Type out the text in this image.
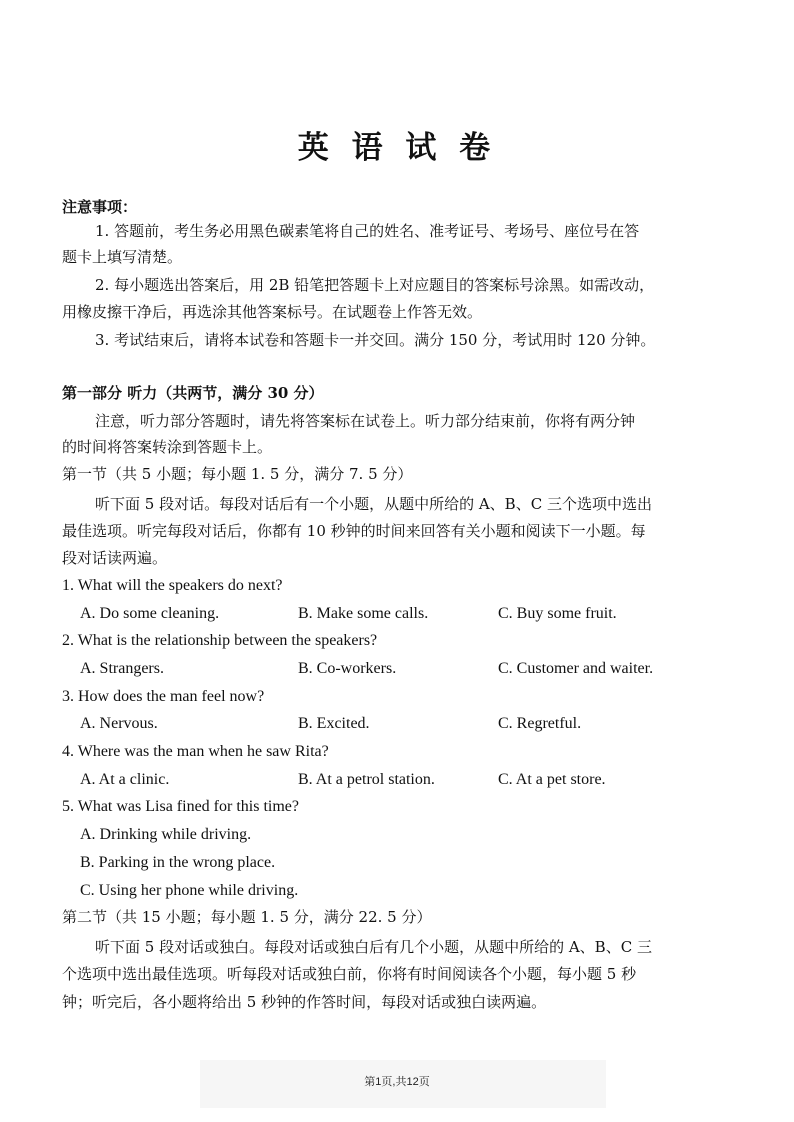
英 语 试 卷
注意事项：
1. 答题前，考生务必用黑色碳素笔将自己的姓名、准考证号、考场号、座位号在答
题卡上填写清楚。
2. 每小题选出答案后，用 2B 铅笔把答题卡上对应题目的答案标号涂黑。如需改动，
用橡皮擦干净后，再选涂其他答案标号。在试题卷上作答无效。
3. 考试结束后，请将本试卷和答题卡一并交回。满分 150 分，考试用时 120 分钟。
第一部分 听力（共两节，满分 30 分）
注意，听力部分答题时，请先将答案标在试卷上。听力部分结束前，你将有两分钟
的时间将答案转涂到答题卡上。
第一节（共 5 小题；每小题 1. 5 分，满分 7. 5 分）
听下面 5 段对话。每段对话后有一个小题，从题中所给的 A、B、C 三个选项中选出
最佳选项。听完每段对话后，你都有 10 秒钟的时间来回答有关小题和阅读下一小题。每
段对话读两遍。
1. What will the speakers do next?
A. Do some cleaning.	B. Make some calls.	C. Buy some fruit.
2. What is the relationship between the speakers?
A. Strangers.	B. Co-workers.	C. Customer and waiter.
3. How does the man feel now?
A. Nervous.	B. Excited.	C. Regretful.
4. Where was the man when he saw Rita?
A. At a clinic.	B. At a petrol station.	C. At a pet store.
5. What was Lisa fined for this time?
A. Drinking while driving.
B. Parking in the wrong place.
C. Using her phone while driving.
第二节（共 15 小题；每小题 1. 5 分，满分 22. 5 分）
听下面 5 段对话或独白。每段对话或独白后有几个小题，从题中所给的 A、B、C 三
个选项中选出最佳选项。听每段对话或独白前，你将有时间阅读各个小题，每小题 5 秒
钟；听完后，各小题将给出 5 秒钟的作答时间，每段对话或独白读两遍。
第1页,共12页
